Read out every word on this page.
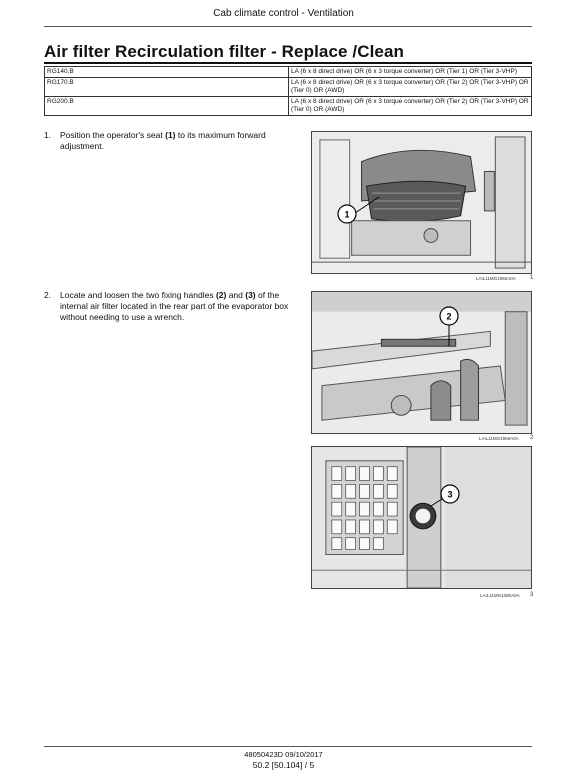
Cab climate control - Ventilation
Air filter Recirculation filter - Replace /Clean
RG140.B	LA (6 x 8 direct drive) OR (6 x 3 torque converter) OR (Tier 1) OR (Tier 3-VHP)
RG170.B	LA (6 x 8 direct drive) OR (6 x 3 torque converter) OR (Tier 2) OR (Tier 3-VHP) OR (Tier 0) OR (AWD)
RG200.B	LA (6 x 8 direct drive) OR (6 x 3 torque converter) OR (Tier 2) OR (Tier 3-VHP) OR (Tier 0) OR (AWD)
1. Position the operator's seat (1) to its maximum forward adjustment.
2. Locate and loosen the two fixing handles (2) and (3) of the internal air filter located in the rear part of the evaporator box without needing to use a wrench.
1
LAIL11MG1965A0A 1
2
LAIL11MG1966A0A 2
3
LAIL11MG1080A0A 3
48050423D 09/10/2017
50.2 [50.104] / 5
